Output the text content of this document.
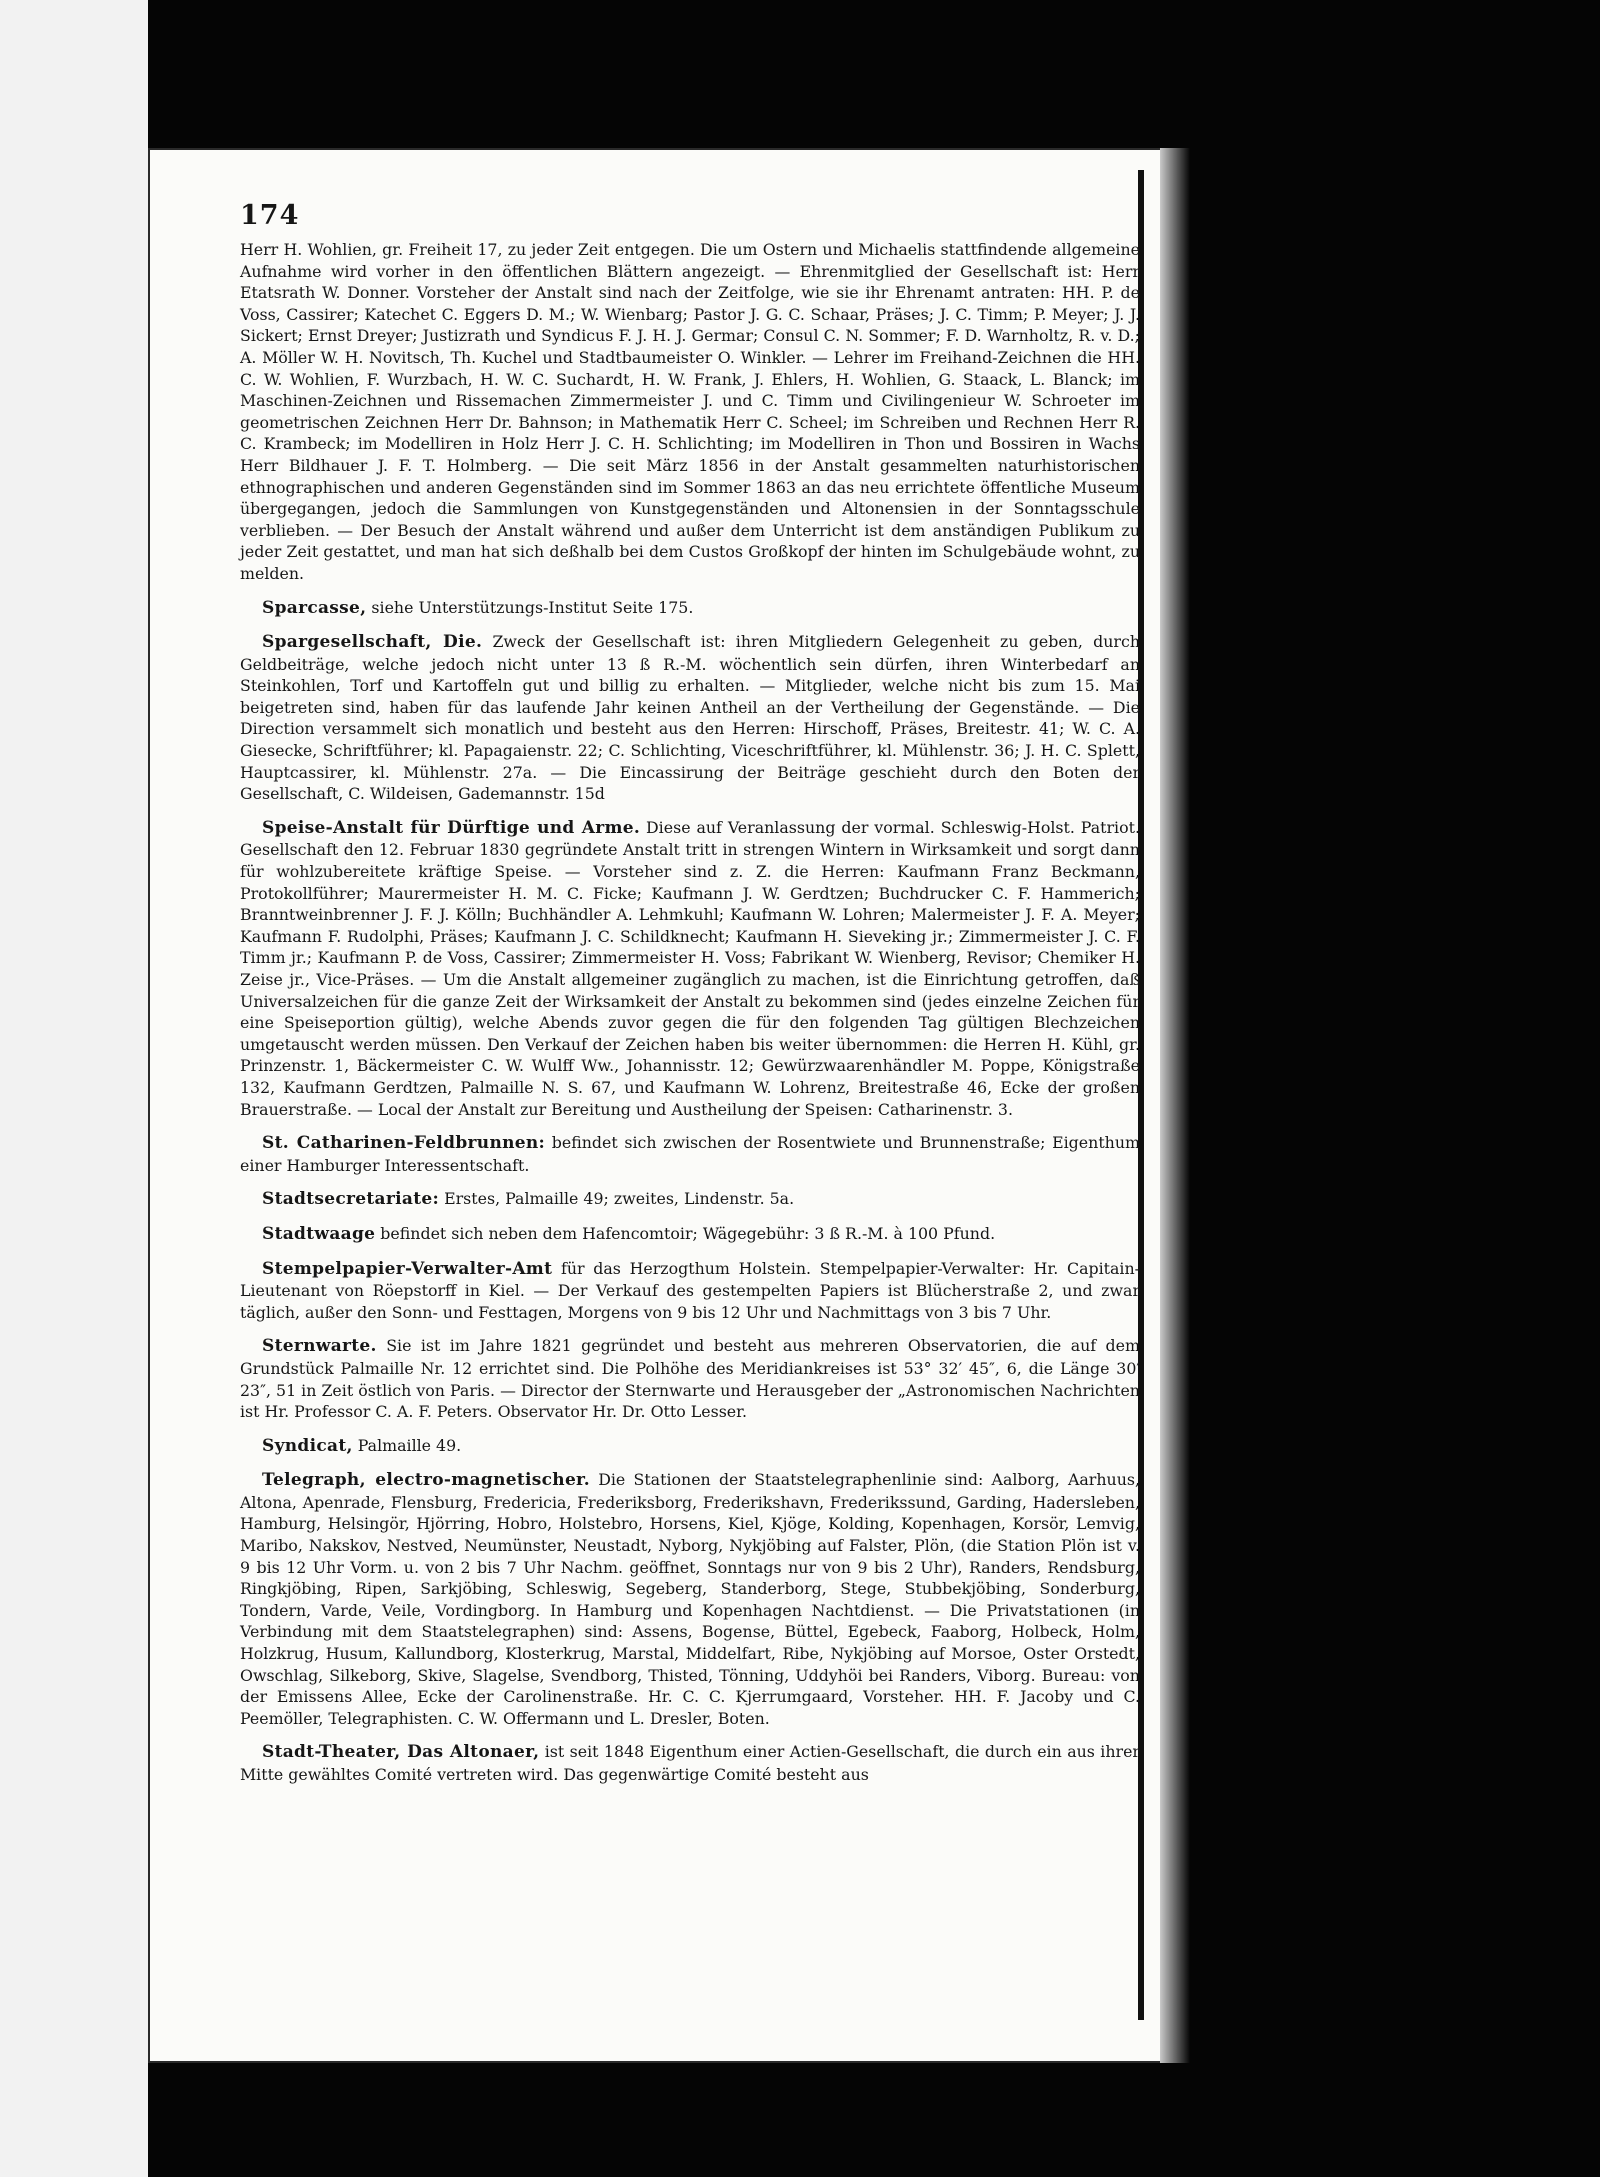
174

Herr H. Wohlien, gr. Freiheit 17, zu jeder Zeit entgegen. Die um Ostern und Michaelis stattfindende allgemeine Aufnahme wird vorher in den öffentlichen Blättern angezeigt. — Ehrenmitglied der Gesellschaft ist: Herr Etatsrath W. Donner. Vorsteher der Anstalt sind nach der Zeitfolge, wie sie ihr Ehrenamt antraten: HH. P. de Voss, Cassirer; Katechet C. Eggers D. M.; W. Wienbarg; Pastor J. G. C. Schaar, Präses; J. C. Timm; P. Meyer; J. J. Sickert; Ernst Dreyer; Justizrath und Syndicus F. J. H. J. Germar; Consul C. N. Sommer; F. D. Warnholtz, R. v. D.; A. Möller W. H. Novitsch, Th. Kuchel und Stadtbaumeister O. Winkler. — Lehrer im Freihand-Zeichnen die HH. C. W. Wohlien, F. Wurzbach, H. W. C. Suchardt, H. W. Frank, J. Ehlers, H. Wohlien, G. Staack, L. Blanck; im Maschinen-Zeichnen und Rissemachen Zimmermeister J. und C. Timm und Civilingenieur W. Schroeter im geometrischen Zeichnen Herr Dr. Bahnson; in Mathematik Herr C. Scheel; im Schreiben und Rechnen Herr R. C. Krambeck; im Modelliren in Holz Herr J. C. H. Schlichting; im Modelliren in Thon und Bossiren in Wachs Herr Bildhauer J. F. T. Holmberg. — Die seit März 1856 in der Anstalt gesammelten naturhistorischen ethnographischen und anderen Gegenständen sind im Sommer 1863 an das neu errichtete öffentliche Museum übergegangen, jedoch die Sammlungen von Kunstgegenständen und Altonensien in der Sonntagsschule verblieben. — Der Besuch der Anstalt während und außer dem Unterricht ist dem anständigen Publikum zu jeder Zeit gestattet, und man hat sich deßhalb bei dem Custos Großkopf der hinten im Schulgebäude wohnt, zu melden.

Sparcasse, siehe Unterstützungs-Institut Seite 175.

Spargesellschaft, Die. Zweck der Gesellschaft ist: ihren Mitgliedern Gelegenheit zu geben, durch Geldbeiträge, welche jedoch nicht unter 13 ß R.-M. wöchentlich sein dürfen, ihren Winterbedarf an Steinkohlen, Torf und Kartoffeln gut und billig zu erhalten. — Mitglieder, welche nicht bis zum 15. Mai beigetreten sind, haben für das laufende Jahr keinen Antheil an der Vertheilung der Gegenstände. — Die Direction versammelt sich monatlich und besteht aus den Herren: Hirschoff, Präses, Breitestr. 41; W. C. A. Giesecke, Schriftführer; kl. Papagaienstr. 22; C. Schlichting, Viceschriftführer, kl. Mühlenstr. 36; J. H. C. Splett, Hauptcassirer, kl. Mühlenstr. 27a. — Die Eincassirung der Beiträge geschieht durch den Boten der Gesellschaft, C. Wildeisen, Gademannstr. 15d

Speise-Anstalt für Dürftige und Arme. Diese auf Veranlassung der vormal. Schleswig-Holst. Patriot. Gesellschaft den 12. Februar 1830 gegründete Anstalt tritt in strengen Wintern in Wirksamkeit und sorgt dann für wohlzubereitete kräftige Speise. — Vorsteher sind z. Z. die Herren: Kaufmann Franz Beckmann, Protokollführer; Maurermeister H. M. C. Ficke; Kaufmann J. W. Gerdtzen; Buchdrucker C. F. Hammerich; Branntweinbrenner J. F. J. Kölln; Buchhändler A. Lehmkuhl; Kaufmann W. Lohren; Malermeister J. F. A. Meyer; Kaufmann F. Rudolphi, Präses; Kaufmann J. C. Schildknecht; Kaufmann H. Sieveking jr.; Zimmermeister J. C. F. Timm jr.; Kaufmann P. de Voss, Cassirer; Zimmermeister H. Voss; Fabrikant W. Wienberg, Revisor; Chemiker H. Zeise jr., Vice-Präses. — Um die Anstalt allgemeiner zugänglich zu machen, ist die Einrichtung getroffen, daß Universalzeichen für die ganze Zeit der Wirksamkeit der Anstalt zu bekommen sind (jedes einzelne Zeichen für eine Speiseportion gültig), welche Abends zuvor gegen die für den folgenden Tag gültigen Blechzeichen umgetauscht werden müssen. Den Verkauf der Zeichen haben bis weiter übernommen: die Herren H. Kühl, gr. Prinzenstr. 1, Bäckermeister C. W. Wulff Ww., Johannisstr. 12; Gewürzwaarenhändler M. Poppe, Königstraße 132, Kaufmann Gerdtzen, Palmaille N. S. 67, und Kaufmann W. Lohrenz, Breitestraße 46, Ecke der großen Brauerstraße. — Local der Anstalt zur Bereitung und Austheilung der Speisen: Catharinenstr. 3.

St. Catharinen-Feldbrunnen: befindet sich zwischen der Rosentwiete und Brunnenstraße; Eigenthum einer Hamburger Interessentschaft.

Stadtsecretariate: Erstes, Palmaille 49; zweites, Lindenstr. 5a.

Stadtwaage befindet sich neben dem Hafencomtoir; Wägegebühr: 3 ß R.-M. à 100 Pfund.

Stempelpapier-Verwalter-Amt für das Herzogthum Holstein. Stempelpapier-Verwalter: Hr. Capitain-Lieutenant von Röepstorff in Kiel. — Der Verkauf des gestempelten Papiers ist Blücherstraße 2, und zwar täglich, außer den Sonn- und Festtagen, Morgens von 9 bis 12 Uhr und Nachmittags von 3 bis 7 Uhr.

Sternwarte. Sie ist im Jahre 1821 gegründet und besteht aus mehreren Observatorien, die auf dem Grundstück Palmaille Nr. 12 errichtet sind. Die Polhöhe des Meridiankreises ist 53° 32′ 45″, 6, die Länge 30′ 23″, 51 in Zeit östlich von Paris. — Director der Sternwarte und Herausgeber der „Astronomischen Nachrichten ist Hr. Professor C. A. F. Peters. Observator Hr. Dr. Otto Lesser.

Syndicat, Palmaille 49.

Telegraph, electro-magnetischer. Die Stationen der Staatstelegraphenlinie sind: Aalborg, Aarhuus, Altona, Apenrade, Flensburg, Fredericia, Frederiksborg, Frederikshavn, Frederikssund, Garding, Hadersleben, Hamburg, Helsingör, Hjörring, Hobro, Holstebro, Horsens, Kiel, Kjöge, Kolding, Kopenhagen, Korsör, Lemvig, Maribo, Nakskov, Nestved, Neumünster, Neustadt, Nyborg, Nykjöbing auf Falster, Plön, (die Station Plön ist v. 9 bis 12 Uhr Vorm. u. von 2 bis 7 Uhr Nachm. geöffnet, Sonntags nur von 9 bis 2 Uhr), Randers, Rendsburg, Ringkjöbing, Ripen, Sarkjöbing, Schleswig, Segeberg, Standerborg, Stege, Stubbekjöbing, Sonderburg, Tondern, Varde, Veile, Vordingborg. In Hamburg und Kopenhagen Nachtdienst. — Die Privatstationen (in Verbindung mit dem Staatstelegraphen) sind: Assens, Bogense, Büttel, Egebeck, Faaborg, Holbeck, Holm, Holzkrug, Husum, Kallundborg, Klosterkrug, Marstal, Middelfart, Ribe, Nykjöbing auf Morsoe, Oster Orstedt, Owschlag, Silkeborg, Skive, Slagelse, Svendborg, Thisted, Tönning, Uddyhöi bei Randers, Viborg. Bureau: von der Emissens Allee, Ecke der Carolinenstraße. Hr. C. C. Kjerrumgaard, Vorsteher. HH. F. Jacoby und C. Peemöller, Telegraphisten. C. W. Offermann und L. Dresler, Boten.

Stadt-Theater, Das Altonaer, ist seit 1848 Eigenthum einer Actien-Gesellschaft, die durch ein aus ihrer Mitte gewähltes Comité vertreten wird. Das gegenwärtige Comité besteht aus
